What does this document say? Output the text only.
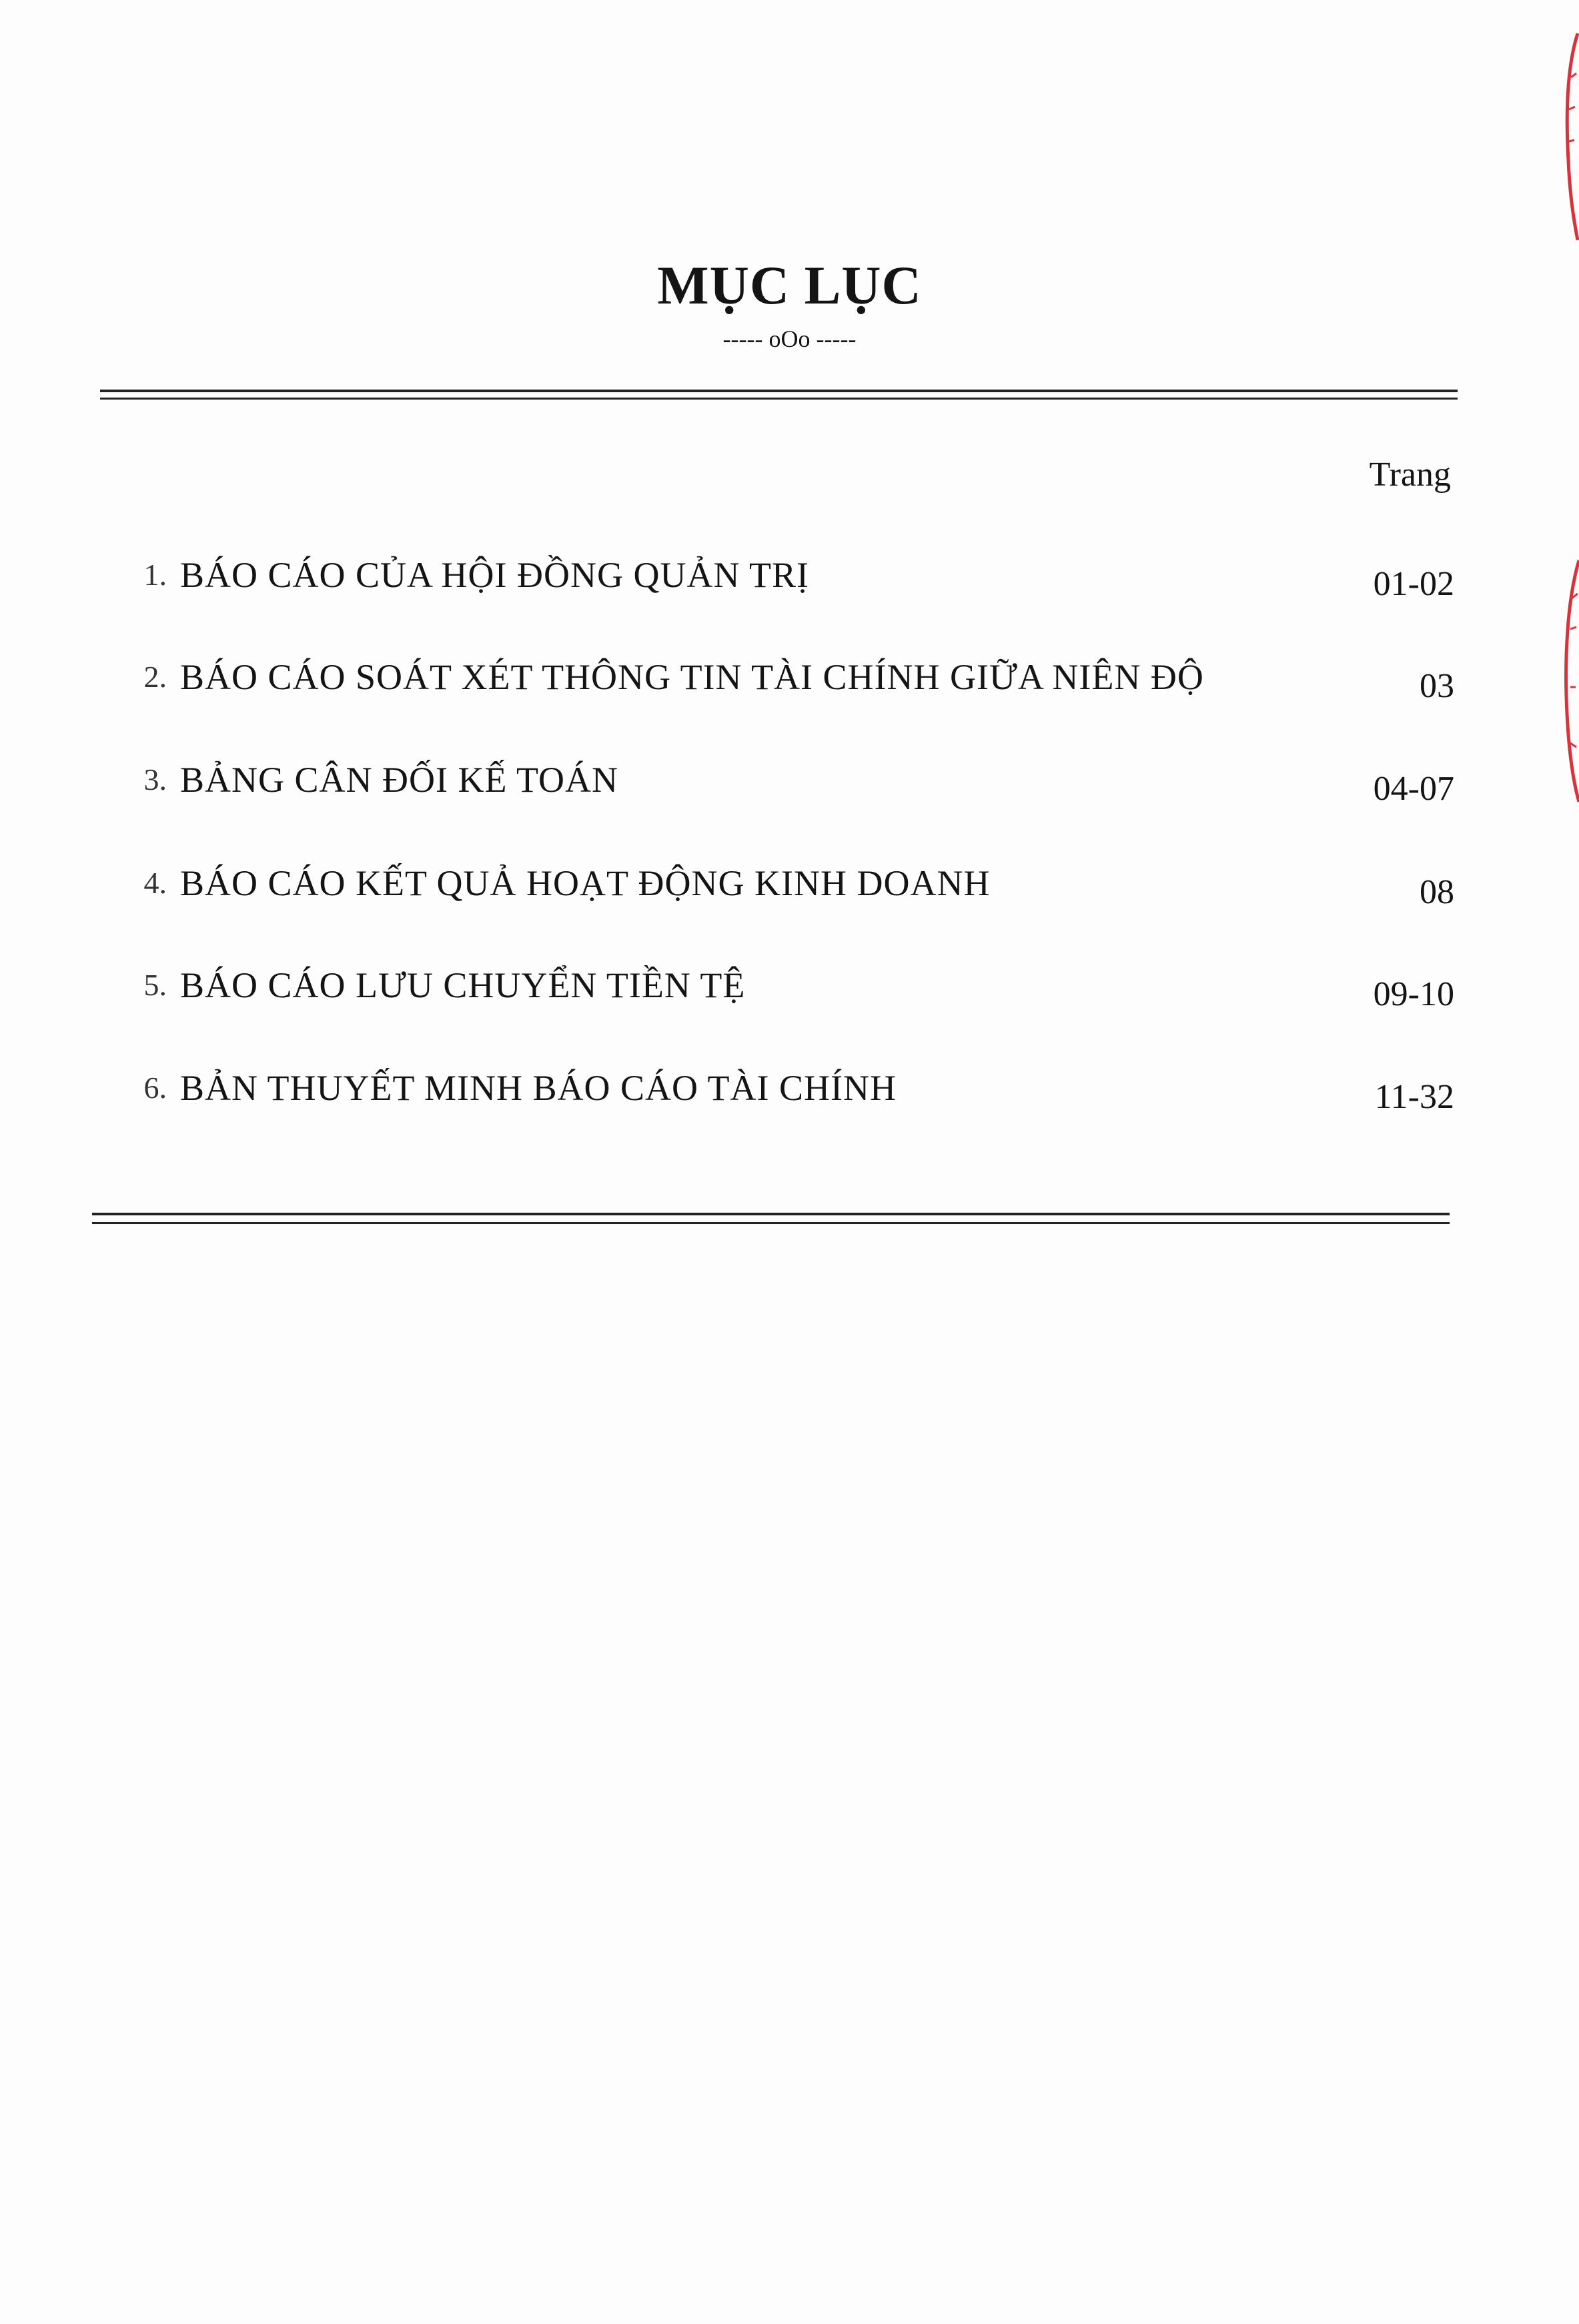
MỤC LỤC
----- oOo -----
Trang
1. BÁO CÁO CỦA HỘI ĐỒNG QUẢN TRỊ	01-02
2. BÁO CÁO SOÁT XÉT THÔNG TIN TÀI CHÍNH GIỮA NIÊN ĐỘ	03
3. BẢNG CÂN ĐỐI KẾ TOÁN	04-07
4. BÁO CÁO KẾT QUẢ HOẠT ĐỘNG KINH DOANH	08
5. BÁO CÁO LƯU CHUYỂN TIỀN TỆ	09-10
6. BẢN THUYẾT MINH BÁO CÁO TÀI CHÍNH	11-32
